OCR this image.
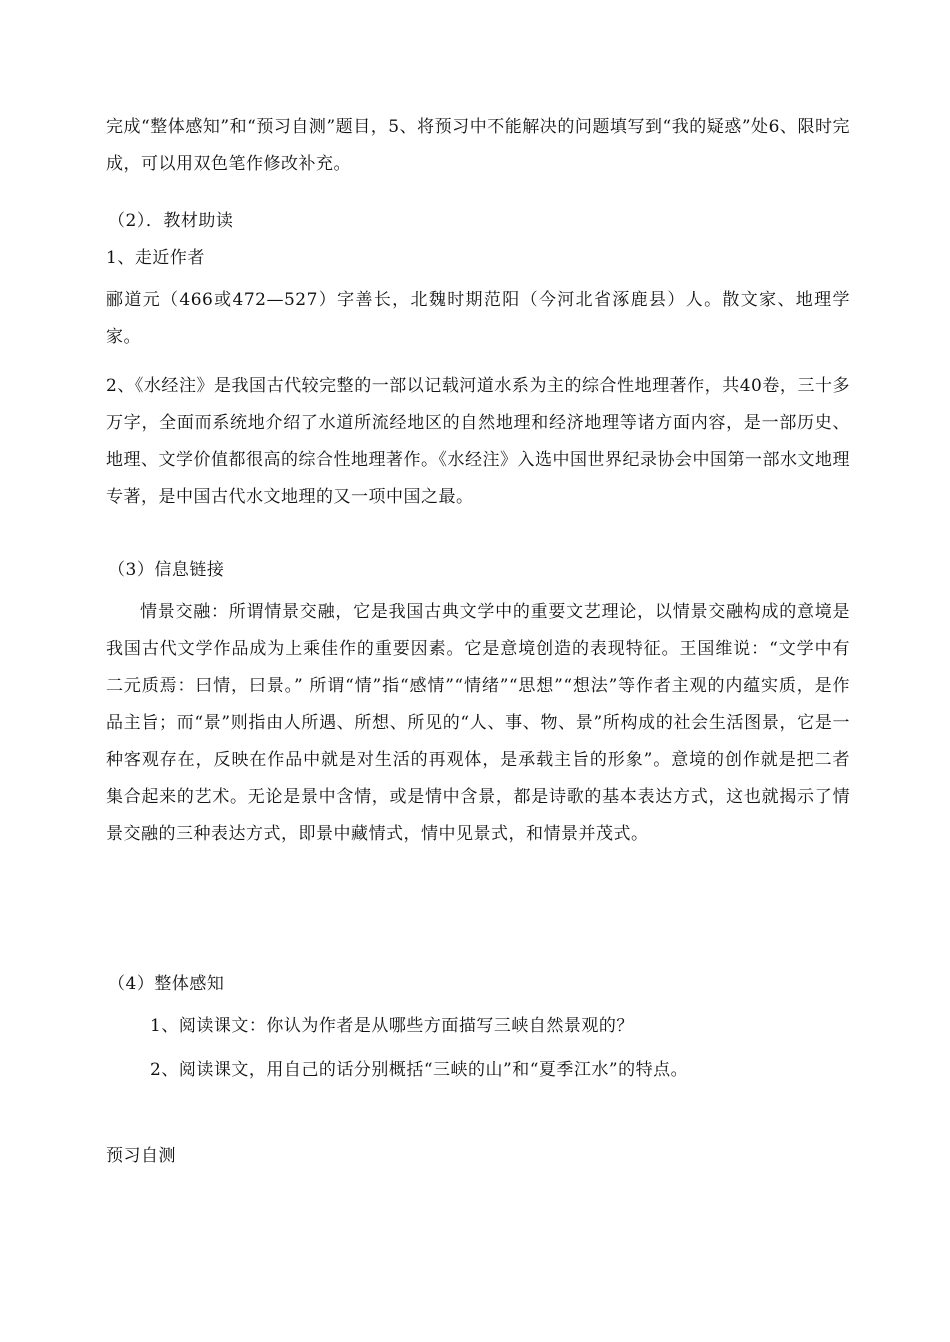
完成“整体感知”和“预习自测”题目，5、将预习中不能解决的问题填写到“我的疑惑”处6、限时完成，可以用双色笔作修改补充。
（2）．教材助读
1、走近作者
郦道元（466或472—527）字善长，北魏时期范阳（今河北省涿鹿县）人。散文家、地理学家。
2、《水经注》是我国古代较完整的一部以记载河道水系为主的综合性地理著作，共40卷，三十多万字，全面而系统地介绍了水道所流经地区的自然地理和经济地理等诸方面内容，是一部历史、地理、文学价值都很高的综合性地理著作。《水经注》入选中国世界纪录协会中国第一部水文地理专著，是中国古代水文地理的又一项中国之最。
（3）信息链接
情景交融：所谓情景交融，它是我国古典文学中的重要文艺理论，以情景交融构成的意境是我国古代文学作品成为上乘佳作的重要因素。它是意境创造的表现特征。王国维说：“文学中有二元质焉：曰情，曰景。” 所谓“情”指“感情”“情绪”“思想”“想法”等作者主观的内蕴实质，是作品主旨；而“景”则指由人所遇、所想、所见的“人、事、物、景”所构成的社会生活图景，它是一种客观存在，反映在作品中就是对生活的再观体，是承载主旨的形象”。意境的创作就是把二者集合起来的艺术。无论是景中含情，或是情中含景，都是诗歌的基本表达方式，这也就揭示了情景交融的三种表达方式，即景中藏情式，情中见景式，和情景并茂式。
（4）整体感知
1、阅读课文：你认为作者是从哪些方面描写三峡自然景观的？
2、阅读课文，用自己的话分别概括“三峡的山”和“夏季江水”的特点。
预习自测
